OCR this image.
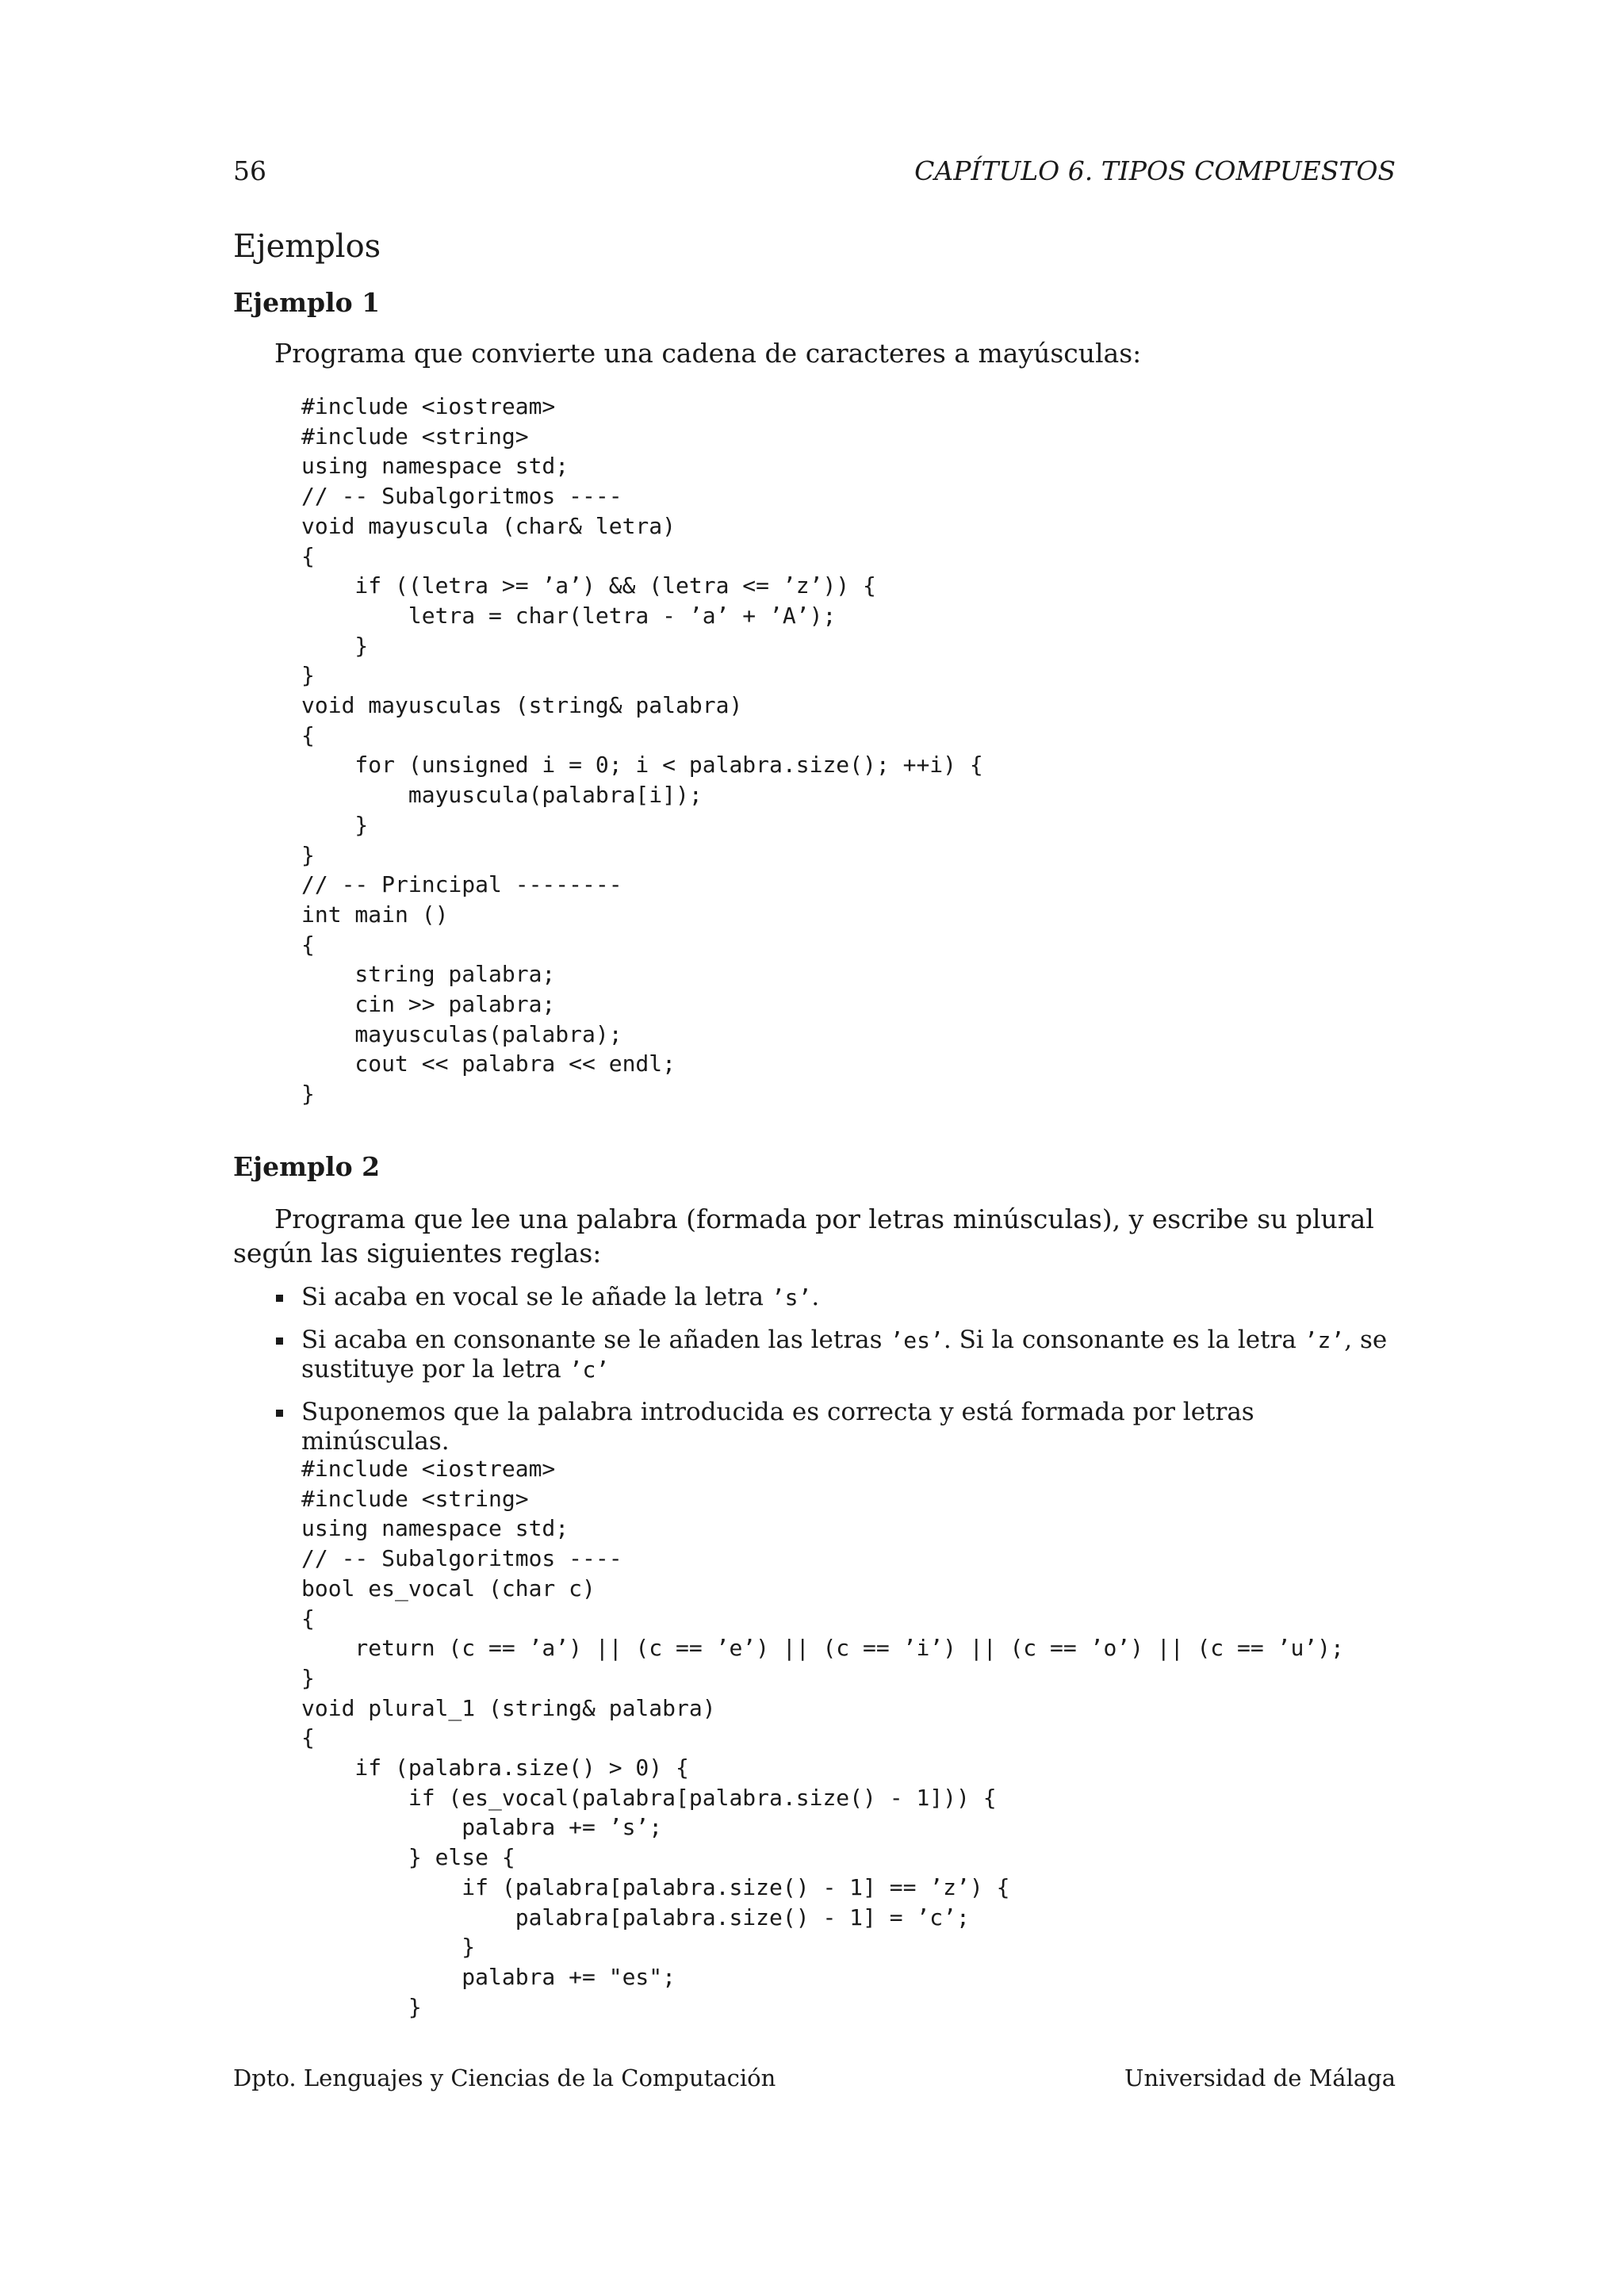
56	CAPÍTULO 6. TIPOS COMPUESTOS
Ejemplos
Ejemplo 1

Programa que convierte una cadena de caracteres a mayúsculas:

#include <iostream>
#include <string>
using namespace std;
// -- Subalgoritmos ----
void mayuscula (char& letra)
{
if ((letra >= ’a’) && (letra <= ’z’)) {
letra = char(letra - ’a’ + ’A’);
}
}
void mayusculas (string& palabra)
{
for (unsigned i = 0; i < palabra.size(); ++i) {
mayuscula(palabra[i]);
}
}
// -- Principal --------
int main ()
{
string palabra;
cin >> palabra;
mayusculas(palabra);
cout << palabra << endl;
}
Ejemplo 2

Programa que lee una palabra (formada por letras minúsculas), y escribe su plural según las siguientes reglas:

Si acaba en vocal se le añade la letra ’s’.
Si acaba en consonante se le añaden las letras ’es’. Si la consonante es la letra ’z’, se sustituye por la letra ’c’
Suponemos que la palabra introducida es correcta y está formada por letras minúsculas.
#include <iostream>
#include <string>
using namespace std;
// -- Subalgoritmos ----
bool es_vocal (char c)
{
return (c == ’a’) || (c == ’e’) || (c == ’i’) || (c == ’o’) || (c == ’u’);
}
void plural_1 (string& palabra)
{
if (palabra.size() > 0) {
if (es_vocal(palabra[palabra.size() - 1])) {
palabra += ’s’;
} else {
if (palabra[palabra.size() - 1] == ’z’) {
palabra[palabra.size() - 1] = ’c’;
}
palabra += "es";
}
Dpto. Lenguajes y Ciencias de la Computación	Universidad de Málaga
